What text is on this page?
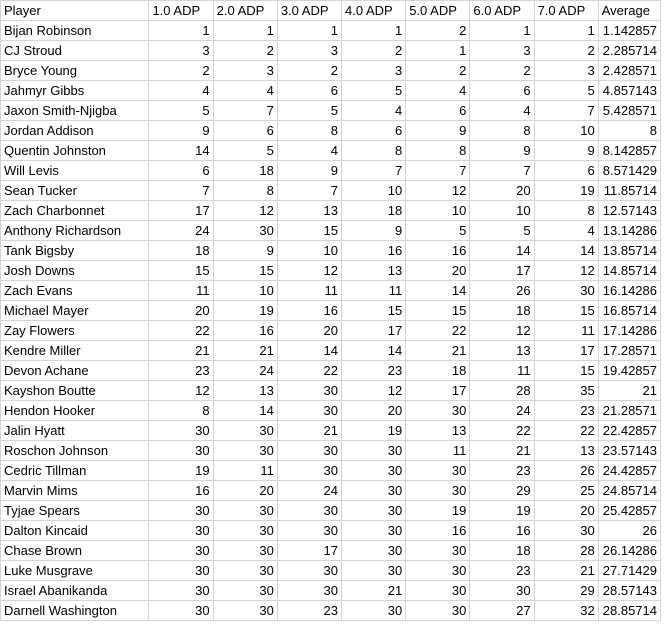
Player	1.0 ADP	2.0 ADP	3.0 ADP	4.0 ADP	5.0 ADP	6.0 ADP	7.0 ADP	Average
Bijan Robinson	1	1	1	1	2	1	1	1.142857
CJ Stroud	3	2	3	2	1	3	2	2.285714
Bryce Young	2	3	2	3	2	2	3	2.428571
Jahmyr Gibbs	4	4	6	5	4	6	5	4.857143
Jaxon Smith-Njigba	5	7	5	4	6	4	7	5.428571
Jordan Addison	9	6	8	6	9	8	10	8
Quentin Johnston	14	5	4	8	8	9	9	8.142857
Will Levis	6	18	9	7	7	7	6	8.571429
Sean Tucker	7	8	7	10	12	20	19	11.85714
Zach Charbonnet	17	12	13	18	10	10	8	12.57143
Anthony Richardson	24	30	15	9	5	5	4	13.14286
Tank Bigsby	18	9	10	16	16	14	14	13.85714
Josh Downs	15	15	12	13	20	17	12	14.85714
Zach Evans	11	10	11	11	14	26	30	16.14286
Michael Mayer	20	19	16	15	15	18	15	16.85714
Zay Flowers	22	16	20	17	22	12	11	17.14286
Kendre Miller	21	21	14	14	21	13	17	17.28571
Devon Achane	23	24	22	23	18	11	15	19.42857
Kayshon Boutte	12	13	30	12	17	28	35	21
Hendon Hooker	8	14	30	20	30	24	23	21.28571
Jalin Hyatt	30	30	21	19	13	22	22	22.42857
Roschon Johnson	30	30	30	30	11	21	13	23.57143
Cedric Tillman	19	11	30	30	30	23	26	24.42857
Marvin Mims	16	20	24	30	30	29	25	24.85714
Tyjae Spears	30	30	30	30	19	19	20	25.42857
Dalton Kincaid	30	30	30	30	16	16	30	26
Chase Brown	30	30	17	30	30	18	28	26.14286
Luke Musgrave	30	30	30	30	30	23	21	27.71429
Israel Abanikanda	30	30	30	21	30	30	29	28.57143
Darnell Washington	30	30	23	30	30	27	32	28.85714
